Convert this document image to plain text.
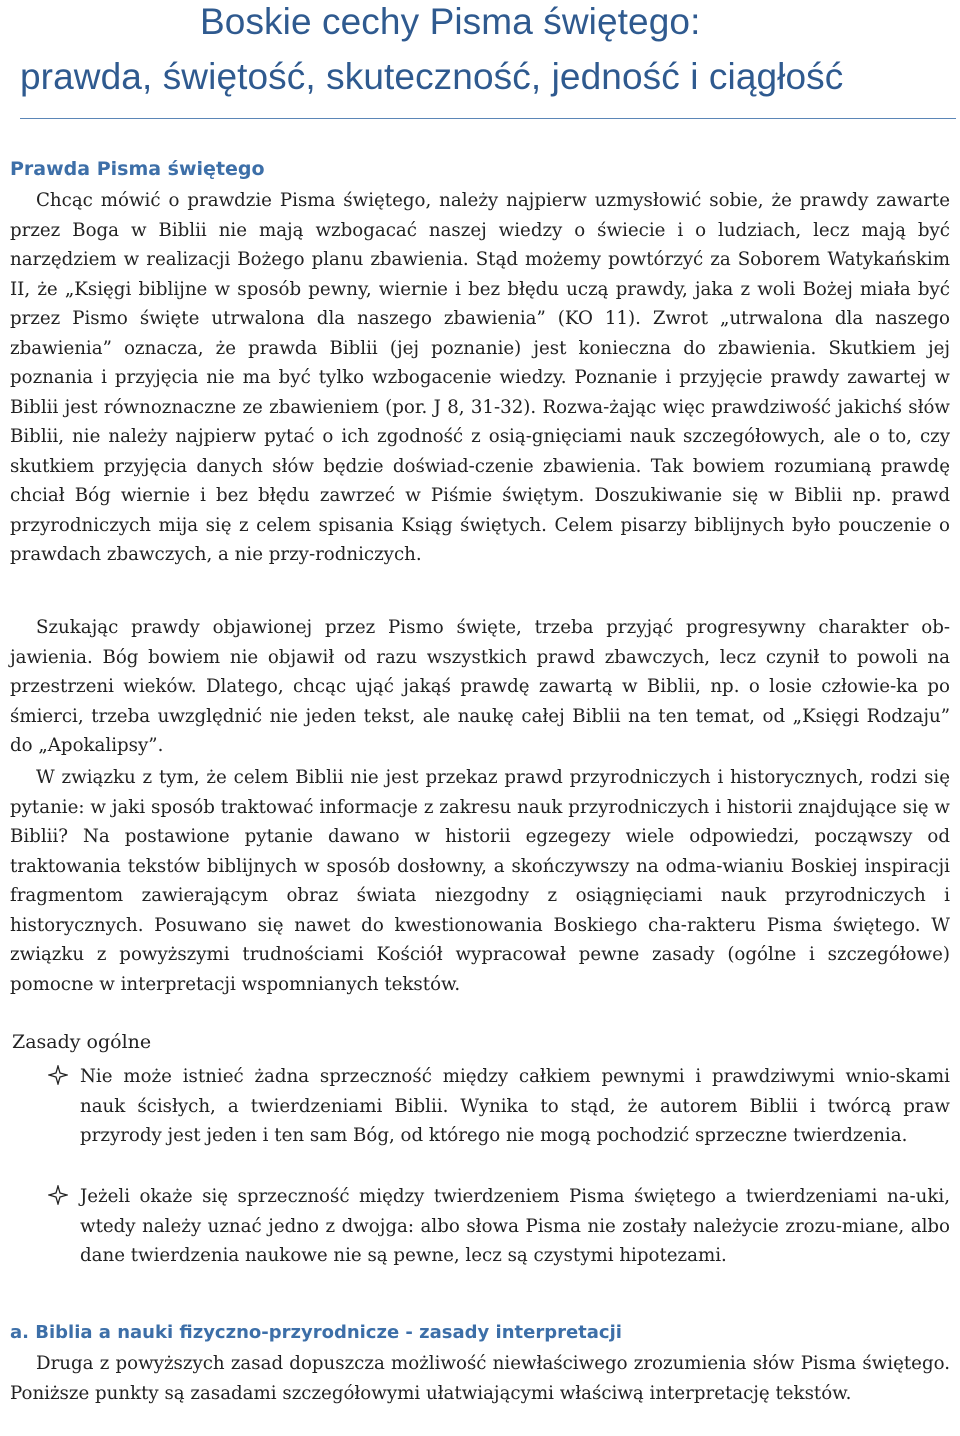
Boskie cechy Pisma świętego:
prawda, świętość, skuteczność, jedność i ciągłość
Prawda Pisma świętego

Chcąc mówić o prawdzie Pisma świętego, należy najpierw uzmysłowić sobie, że prawdy zawarte przez Boga w Biblii nie mają wzbogacać naszej wiedzy o świecie i o ludziach, lecz mają być narzędziem w realizacji Bożego planu zbawienia. Stąd możemy powtórzyć za Soborem Watykańskim II, że „Księgi biblijne w sposób pewny, wiernie i bez błędu uczą prawdy, jaka z woli Bożej miała być przez Pismo święte utrwalona dla naszego zbawienia” (KO 11). Zwrot „utrwalona dla naszego zbawienia” oznacza, że prawda Biblii (jej poznanie) jest konieczna do zbawienia. Skutkiem jej poznania i przyjęcia nie ma być tylko wzbogacenie wiedzy. Poznanie i przyjęcie prawdy zawartej w Biblii jest równoznaczne ze zbawieniem (por. J 8, 31-32). Rozwa-żając więc prawdziwość jakichś słów Biblii, nie należy najpierw pytać o ich zgodność z osią-gnięciami nauk szczegółowych, ale o to, czy skutkiem przyjęcia danych słów będzie doświad-czenie zbawienia. Tak bowiem rozumianą prawdę chciał Bóg wiernie i bez błędu zawrzeć w Piśmie świętym. Doszukiwanie się w Biblii np. prawd przyrodniczych mija się z celem spisania Ksiąg świętych. Celem pisarzy biblijnych było pouczenie o prawdach zbawczych, a nie przy-rodniczych.

Szukając prawdy objawionej przez Pismo święte, trzeba przyjąć progresywny charakter ob-jawienia. Bóg bowiem nie objawił od razu wszystkich prawd zbawczych, lecz czynił to powoli na przestrzeni wieków. Dlatego, chcąc ująć jakąś prawdę zawartą w Biblii, np. o losie człowie-ka po śmierci, trzeba uwzględnić nie jeden tekst, ale naukę całej Biblii na ten temat, od „Księgi Rodzaju” do „Apokalipsy”.

W związku z tym, że celem Biblii nie jest przekaz prawd przyrodniczych i historycznych, rodzi się pytanie: w jaki sposób traktować informacje z zakresu nauk przyrodniczych i historii znajdujące się w Biblii? Na postawione pytanie dawano w historii egzegezy wiele odpowiedzi, począwszy od traktowania tekstów biblijnych w sposób dosłowny, a skończywszy na odma-wianiu Boskiej inspiracji fragmentom zawierającym obraz świata niezgodny z osiągnięciami nauk przyrodniczych i historycznych. Posuwano się nawet do kwestionowania Boskiego cha-rakteru Pisma świętego. W związku z powyższymi trudnościami Kościół wypracował pewne zasady (ogólne i szczegółowe) pomocne w interpretacji wspomnianych tekstów.

Zasady ogólne
Nie może istnieć żadna sprzeczność między całkiem pewnymi i prawdziwymi wnio-skami nauk ścisłych, a twierdzeniami Biblii. Wynika to stąd, że autorem Biblii i twórcą praw przyrody jest jeden i ten sam Bóg, od którego nie mogą pochodzić sprzeczne twierdzenia.
Jeżeli okaże się sprzeczność między twierdzeniem Pisma świętego a twierdzeniami na-uki, wtedy należy uznać jedno z dwojga: albo słowa Pisma nie zostały należycie zrozu-miane, albo dane twierdzenia naukowe nie są pewne, lecz są czystymi hipotezami.
a. Biblia a nauki fizyczno-przyrodnicze - zasady interpretacji

Druga z powyższych zasad dopuszcza możliwość niewłaściwego zrozumienia słów Pisma świętego. Poniższe punkty są zasadami szczegółowymi ułatwiającymi właściwą interpretację tekstów.
